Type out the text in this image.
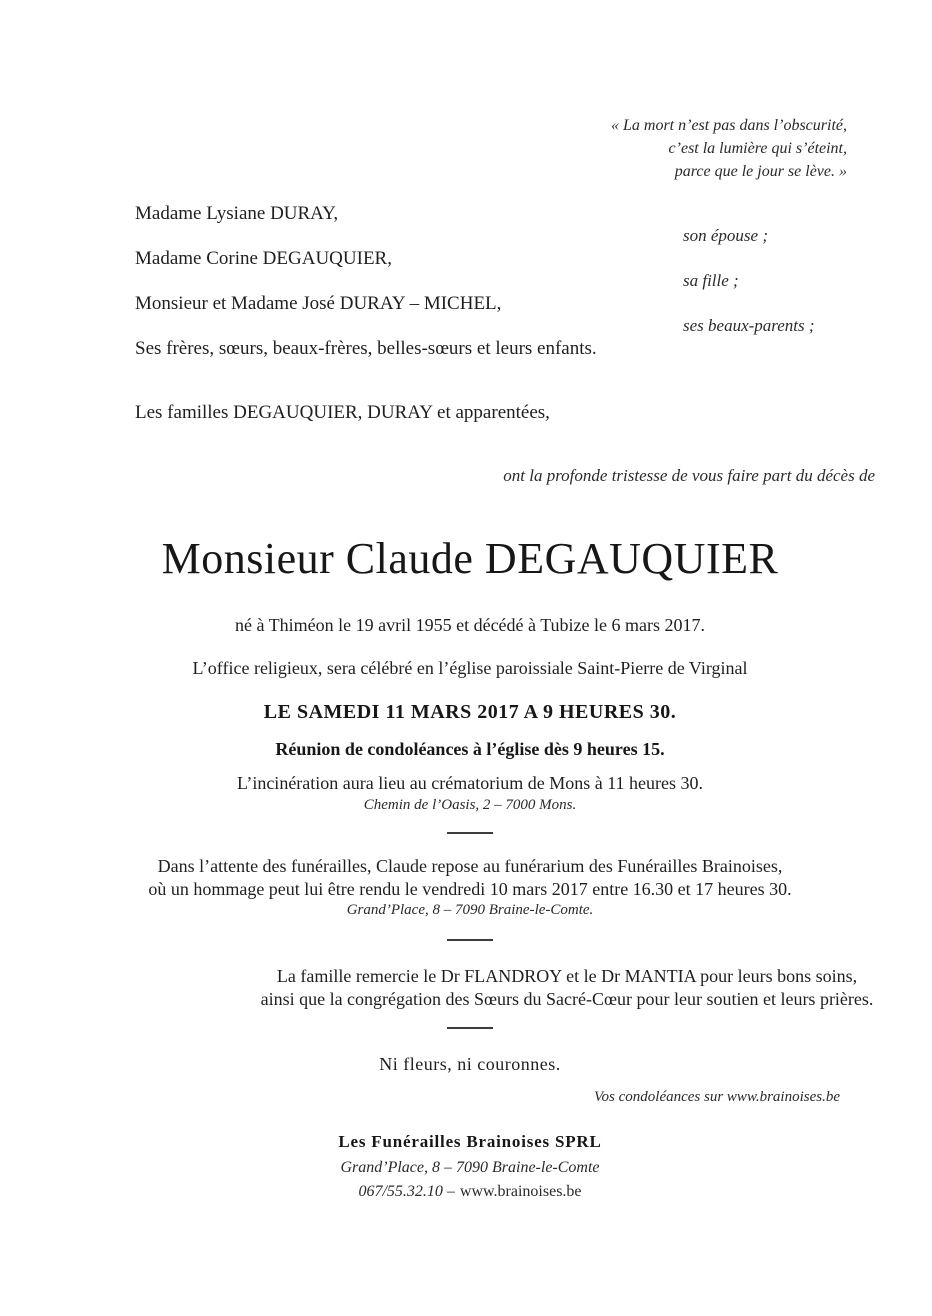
« La mort n’est pas dans l’obscurité,
c’est la lumière qui s’éteint,
parce que le jour se lève. »
Madame Lysiane DURAY,
son épouse ;
Madame Corine DEGAUQUIER,
sa fille ;
Monsieur et Madame José DURAY – MICHEL,
ses beaux-parents ;
Ses frères, sœurs, beaux-frères, belles-sœurs et leurs enfants.
Les familles DEGAUQUIER, DURAY et apparentées,
ont la profonde tristesse de vous faire part du décès de
Monsieur Claude DEGAUQUIER
né à Thiméon le 19 avril 1955 et décédé à Tubize le 6 mars 2017.
L’office religieux, sera célébré en l’église paroissiale Saint-Pierre de Virginal
LE SAMEDI 11 MARS 2017 A 9 HEURES 30.
Réunion de condoléances à l’église dès 9 heures 15.
L’incinération aura lieu au crématorium de Mons à 11 heures 30.
Chemin de l’Oasis, 2 – 7000 Mons.
Dans l’attente des funérailles, Claude repose au funérarium des Funérailles Brainoises,
où un hommage peut lui être rendu le vendredi 10 mars 2017 entre 16.30 et 17 heures 30.
Grand’Place, 8 – 7090 Braine-le-Comte.
La famille remercie le Dr FLANDROY et le Dr MANTIA pour leurs bons soins,
ainsi que la congrégation des Sœurs du Sacré-Cœur pour leur soutien et leurs prières.
Ni fleurs, ni couronnes.
Vos condoléances sur www.brainoises.be
Les Funérailles Brainoises SPRL
Grand’Place, 8 – 7090 Braine-le-Comte
067/55.32.10 – www.brainoises.be
